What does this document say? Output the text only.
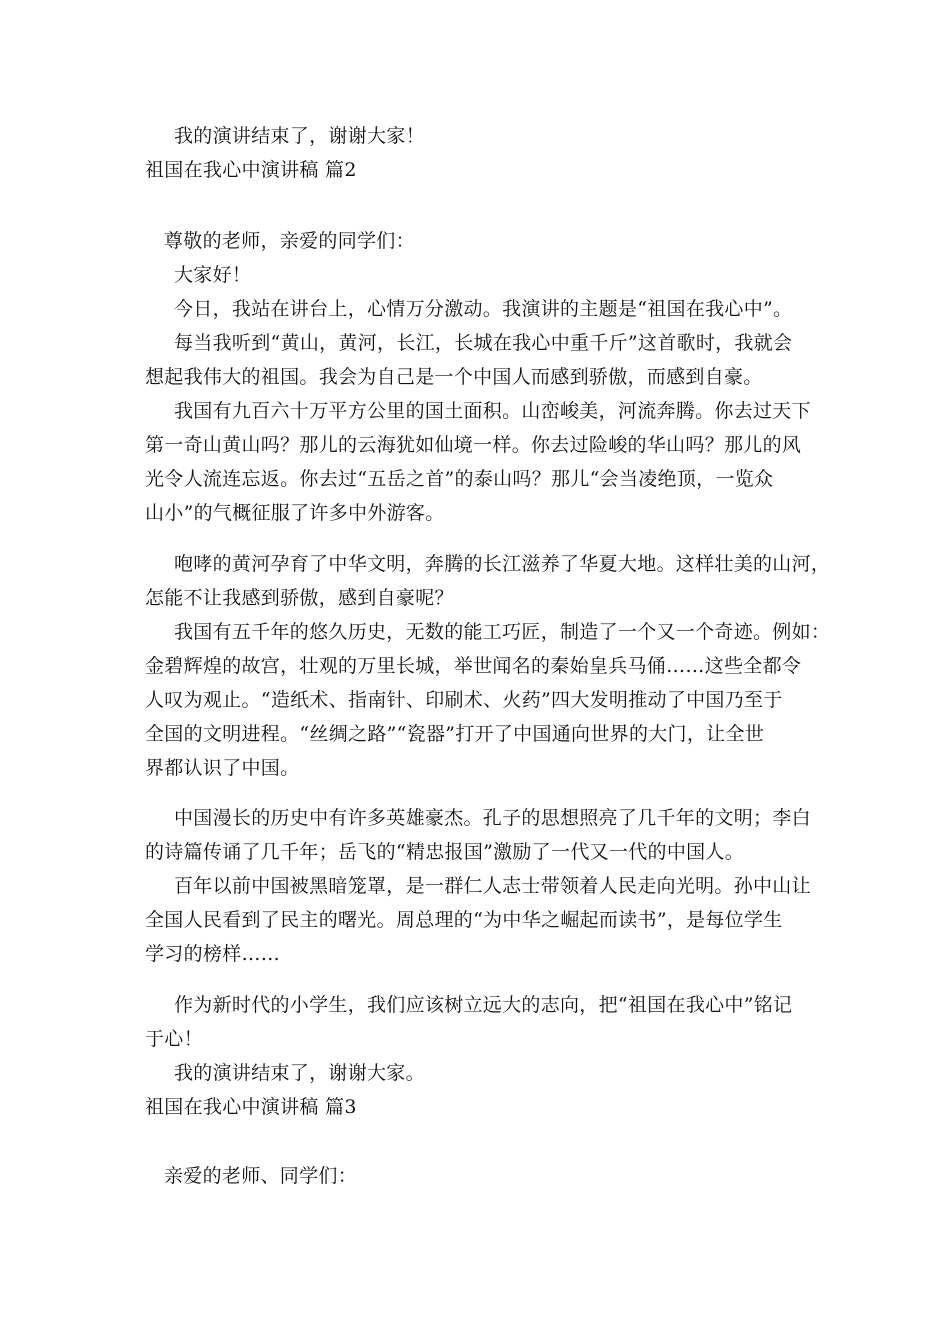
我的演讲结束了，谢谢大家！
祖国在我心中演讲稿 篇2
尊敬的老师，亲爱的同学们：
大家好！
今日，我站在讲台上，心情万分激动。我演讲的主题是“祖国在我心中”。
每当我听到“黄山，黄河，长江，长城在我心中重千斤”这首歌时，我就会
想起我伟大的祖国。我会为自己是一个中国人而感到骄傲，而感到自豪。
我国有九百六十万平方公里的国土面积。山峦峻美，河流奔腾。你去过天下
第一奇山黄山吗？那儿的云海犹如仙境一样。你去过险峻的华山吗？那儿的风
光令人流连忘返。你去过“五岳之首”的泰山吗？那儿“会当凌绝顶，一览众
山小”的气概征服了许多中外游客。
咆哮的黄河孕育了中华文明，奔腾的长江滋养了华夏大地。这样壮美的山河，
怎能不让我感到骄傲，感到自豪呢？
我国有五千年的悠久历史，无数的能工巧匠，制造了一个又一个奇迹。例如：
金碧辉煌的故宫，壮观的万里长城，举世闻名的秦始皇兵马俑……这些全都令
人叹为观止。“造纸术、指南针、印刷术、火药”四大发明推动了中国乃至于
全国的文明进程。“丝绸之路”“瓷器”打开了中国通向世界的大门，让全世
界都认识了中国。
中国漫长的历史中有许多英雄豪杰。孔子的思想照亮了几千年的文明；李白
的诗篇传诵了几千年；岳飞的“精忠报国”激励了一代又一代的中国人。
百年以前中国被黑暗笼罩，是一群仁人志士带领着人民走向光明。孙中山让
全国人民看到了民主的曙光。周总理的“为中华之崛起而读书”，是每位学生
学习的榜样……
作为新时代的小学生，我们应该树立远大的志向，把“祖国在我心中”铭记
于心！
我的演讲结束了，谢谢大家。
祖国在我心中演讲稿 篇3
亲爱的老师、同学们：
